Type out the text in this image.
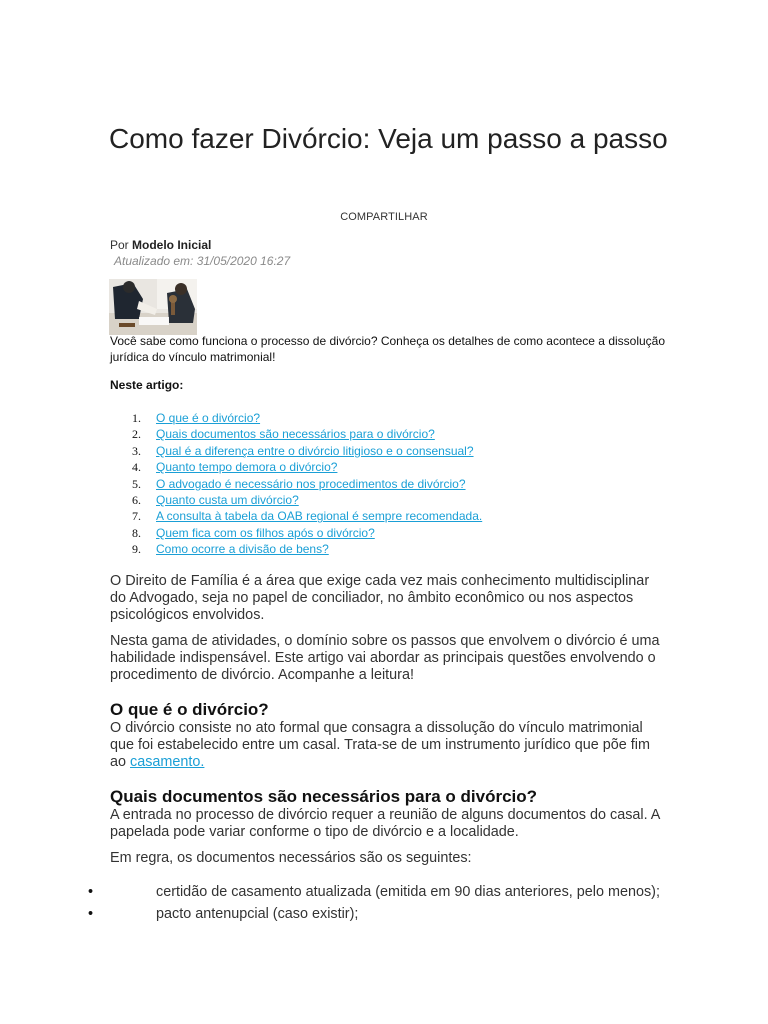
Como fazer Divórcio: Veja um passo a passo
COMPARTILHAR
Por Modelo Inicial
Atualizado em: 31/05/2020 16:27
Você sabe como funciona o processo de divórcio? Conheça os detalhes de como acontece a dissolução jurídica do vínculo matrimonial!
Neste artigo:
1.	O que é o divórcio?
2.	Quais documentos são necessários para o divórcio?
3.	Qual é a diferença entre o divórcio litigioso e o consensual?
4.	Quanto tempo demora o divórcio?
5.	O advogado é necessário nos procedimentos de divórcio?
6.	Quanto custa um divórcio?
7.	A consulta à tabela da OAB regional é sempre recomendada.
8.	Quem fica com os filhos após o divórcio?
9.	Como ocorre a divisão de bens?

O Direito de Família é a área que exige cada vez mais conhecimento multidisciplinar do Advogado, seja no papel de conciliador, no âmbito econômico ou nos aspectos psicológicos envolvidos.

Nesta gama de atividades, o domínio sobre os passos que envolvem o divórcio é uma habilidade indispensável. Este artigo vai abordar as principais questões envolvendo o procedimento de divórcio. Acompanhe a leitura!

O que é o divórcio?

O divórcio consiste no ato formal que consagra a dissolução do vínculo matrimonial que foi estabelecido entre um casal. Trata-se de um instrumento jurídico que põe fim ao casamento.

Quais documentos são necessários para o divórcio?

A entrada no processo de divórcio requer a reunião de alguns documentos do casal. A papelada pode variar conforme o tipo de divórcio e a localidade.

Em regra, os documentos necessários são os seguintes:

•	certidão de casamento atualizada (emitida em 90 dias anteriores, pelo menos);
•	pacto antenupcial (caso existir);
